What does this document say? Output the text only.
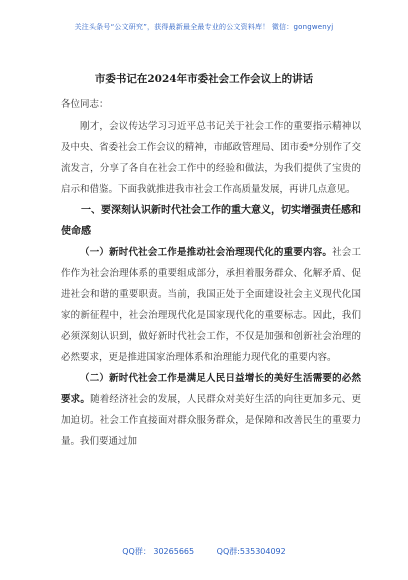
关注头条号“公文研究”，获得最新最全最专业的公文资料库！ 微信：gongwenyj
市委书记在2024年市委社会工作会议上的讲话
各位同志：

刚才，会议传达学习习近平总书记关于社会工作的重要指示精神以及中央、省委社会工作会议的精神，市邮政管理局、团市委*分别作了交流发言，分享了各自在社会工作中的经验和做法，为我们提供了宝贵的启示和借鉴。下面我就推进我市社会工作高质量发展，再讲几点意见。

一、要深刻认识新时代社会工作的重大意义，切实增强责任感和使命感

（一）新时代社会工作是推动社会治理现代化的重要内容。社会工作作为社会治理体系的重要组成部分，承担着服务群众、化解矛盾、促进社会和谐的重要职责。当前，我国正处于全面建设社会主义现代化国家的新征程中，社会治理现代化是国家现代化的重要标志。因此，我们必须深刻认识到，做好新时代社会工作，不仅是加强和创新社会治理的必然要求，更是推进国家治理体系和治理能力现代化的重要内容。

（二）新时代社会工作是满足人民日益增长的美好生活需要的必然要求。随着经济社会的发展，人民群众对美好生活的向往更加多元、更加迫切。社会工作直接面对群众服务群众，是保障和改善民生的重要力量。我们要通过加

QQ群： 30265665	QQ群:535304092
